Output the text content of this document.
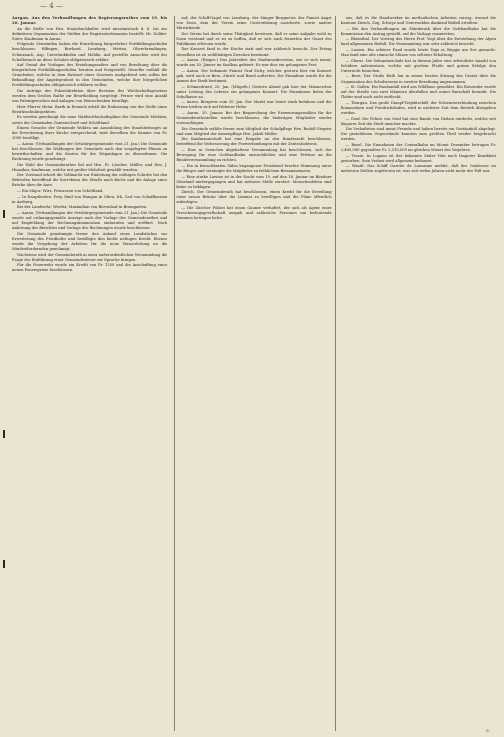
— 4 —

Aargau. Aus den Verhandlungen des Regierungsrathes vom 19. bis 20. Januar.

An die Stelle von Hrn. Staatsbuchhalter wird interimistisch d. h. bis zur definitiven Organisation der Stellen der Registraturbeamten bestellt: Hr. Dolder-Suter, Kaufmann in Aarau.

Folgende Gemeinden haben die Einrichtung bürgerlicher Fortbildungsschulen beschlossen: Effingen, Birrhard, Lenzburg, Mettau, Oberehrendingen, Schinznach, Asp, Unterlunkhofen und Möhlin. Auf gestellte Ansuchen wird der Schulbesuch an diese Schulen obligatorisch erklärt.

Auf Grund der Vorlagen des Erziehungsrathes und von Berathung über die bürgerlichen Fortbildungsschulen beraten und festgestellt. Dieselbe enthält die Grundsätze, welche in dem Entwurf eines Gesetzes maßgebend sein sollen bei Behandlung der Angelegenheit in den Gemeinden, welche ihre bürgerlichen Fortbildungsschulen obligatorisch erklären wollen.

Die Anträge der Polizeidirektion über Revision des Wirthschaftsgesetzes werden dem Großen Rathe zur Beurtheilung vorgelegt. Ferner wird eine Anzahl von Patentgesuchen und Anlagen von Weinschenken bewilligt.

Herr Pfarrer Heinr. Barth in Reinach erhält die Entlassung von der Stelle eines Bezirksschulinspektors.

Es werden genehmigt die neue Waldwirthschaftspläne der Gemeinde Möriken, sowie der Gemeinden Gontenschwil und Schöftland.

Einem Gesuche der Gemeinde Wohlen um Auszahlung des Staatsbeitrages an die Erweiterung ihrer Kirche entsprechend, wird derselben die Summe von Fr. 3000 bewilligt.

— Aarau. (Verhandlungen der Ortsbürgergemeinde vom 21. Jan.) Die Gemeinde hat beschlossen, die Waldungen der Gemeinde nach den vorgelegten Plänen zu bewirthschaften und die Kosten für die Weganlagen zu übernehmen. Die Rechnung wurde genehmigt.

Die Wahl des Gemeinderathes fiel auf Hrn. Fr. Lüscher, Müller, und Hrn. J. Hunziker, Kaufmann, welche mit großer Mehrheit gewählt wurden.

Der Vorstand erhielt die Vollmacht zur Einleitung der nöthigen Schritte bei den Behörden betreffend die Korrektion der Straße nach Buchs und die Anlage einer Brücke über die Aare.

— Ein Major: Wirz, Franzosen von Schöftland.

— In Hauptleuten: Frey, Emil von Wangen in Olten; Ith, Carl von Schaffhausen in Aarburg.

Bei der Landwehr: Werder, Maximilian von Birrenlauf in Bremgarten.

— Aarau. (Verhandlungen der Ortsbürgergemeinde vom 21. Jan.) Die Gemeinde wurde auf ordnungsgemäße Anzeige nach der Vorlage des Gemeinderathes und auf Empfehlung der Rechnungskommission einberufen und eröffnet. Nach Anhörung des Berichtes und Vorlage der Rechnungen wurde beschlossen.

Die Gemeinde genehmigte ferner den Ankauf eines Landstückes zur Erweiterung des Friedhofes und bewilligte den hiefür nöthigen Kredit. Ebenso wurde die Vergebung der Arbeiten für die neue Wasserleitung an die Mindestfordernden genehmigt.

Nächstens wird der Gemeinderath in einer außerordentlichen Versammlung die Frage der Einführung einer Gemeindesteuer zur Sprache bringen.

Für die Feuerwehr wurde ein Kredit von Fr. 1250 und die Anschaffung einer neuen Feuerspritze beschlossen.

auf; der Schiff-Gagel von Lenzburg, der Sänger Burgmeier, der Pianist Angst von Seon, dem der Verein seine Unterstützung zusicherte, sowie andere Mitwirkende.

Der Verein hat durch seine Thätigkeit bewiesen, daß er seine Aufgabe wohl zu lösen verstand und es ist zu hoffen, daß er sich auch fernerhin der Gunst des Publikums erfreuen werde.

Das Konzert fand in der Kirche statt und war zahlreich besucht. Der Ertrag desselben ist zu wohlthätigen Zwecken bestimmt.

— Aarau. (Einges.) Das Jahresfest des Stadtmusikvereins, wie er sich nennt, wurde am 20. Jänner im Saalbau gefeiert. Es war dies ein gelungenes Fest.

— Aarau. Der bekannte Pianist Graf Zichy, welcher gestern hier ein Konzert gab, wird auch in Bern, Zürich und Basel auftreten. Die Einnahme wurde für die Armen der Stadt bestimmt.

— Schmiedrued, 20. Jan. (Mitgeth.) Gestern Abend gab hier der Männerchor unter Leitung des Lehrers ein gelungenes Konzert. Die Einnahmen fielen der Schulkasse zu.

— Aarau. Bierpreis vom 20. Jan. Der Markt war heute stark befahren und die Preise hielten sich auf früherer Höhe.

— Aarau, 20. Januar. Bei der Besprechung der Erneuerungswahlen für die Gemeinderathsstellen wurde beschlossen, die bisherigen Mitglieder wieder vorzuschlagen.

Die Gemeinde wählte ferner zum Mitglied der Schulpflege Hrn. Rudolf Siegrist und zum Mitglied der Armenpflege Hrn. Jakob Müller.

Die Kaufmannschaft hat eine Eingabe an den Bundesrath beschlossen, betreffend die Verbesserung der Postverbindungen mit der Zentralschweiz.

— Eine in Grenchen abgehaltene Versammlung hat beschlossen, sich der Bewegung für eine Gotthardbahn anzuschließen und eine Petition an die Bundesversammlung zu richten.

— Ein in benachbarten Sälen begangener Festabend brachte Stimmung unter die Bürger und vereinigte die Mitglieder zu fröhlichem Beisammensein.

— Eine starke Lawine ist in der Nacht vom 15. auf den 16. Januar im Bündner Oberland niedergegangen und hat mehrere Ställe zerstört. Menschenleben sind keine zu beklagen.

Zürich. Der Gemeinderath hat beschlossen, einen Kredit für die Erstellung einer neuen Brücke über die Limmat zu bewilligen und die Pläne öffentlich aufzulegen.

— Die Zürcher Polizei hat einen Gauner verhaftet, der sich als Agent einer Versicherungsgesellschaft ausgab und zahlreiche Personen um bedeutende Summen betrogen hatte.

aus, daß es die Handwerker im methodischen Arbeiten vorzog, worauf die Kantone Zürich, Zug, Schwyz und Unterwalden dankend Beifall erteilten.

— Bei den Verhandlungen im Ständerath über die Gotthardbahn hat die Kommission den Antrag gestellt, auf die Vorlage einzutreten.

— Rheinthal. Der Vortrag des Herrn Prof. Vogt über die Entstehung der Alpen fand allgemeinen Beifall. Die Versammlung war sehr zahlreich besucht.

— Luzern. Ein schöner Fund wurde letzte Tage in Weggis am See gemacht. Man fand eine alte römische Münze von seltener Erhaltung.

— Glarus. Die Sekundarschule hat in diesem Jahre eine erfreuliche Anzahl von Schülern aufzuweisen, welche mit großem Fleiße und gutem Erfolge den Unterricht besuchen.

— Bern. Der Große Rath hat in seiner letzten Sitzung das Gesetz über die Organisation des Schulwesens in zweiter Berathung angenommen.

— St. Gallen. Ein Raubanfall wird aus Wildhaus gemeldet. Ein Reisender wurde auf der Straße von zwei Männern überfallen und seiner Barschaft beraubt. Die Thäter sind noch nicht entdeckt.

— Thurgau. Das große Dampf-Trajektschiff, der Schienenverbindung zwischen Romanshorn und Friedrichshafen, wird in nächster Zeit dem Betrieb übergeben werden.

— Genf. Die Polizei von Genf hat eine Bande von Dieben entdeckt, welche seit längerer Zeit die Stadt unsicher machte.

Die Verhafteten sind meist Fremde und haben bereits ein Geständniß abgelegt. Die gestohlenen Gegenstände konnten zum größten Theil wieder beigebracht werden.

— Basel. Die Einnahmen der Centralbahn im Monat Dezember betrugen Fr. 2,480,000 gegenüber Fr. 2,310,000 im gleichen Monat des Vorjahres.

— Tessin. In Lugano ist der bekannte Maler Vela nach längerer Krankheit gestorben. Sein Verlust wird allgemein bedauert.

— Waadt. Das Schiff Gazette de Lausanne meldet, daß der Genfersee an mehreren Stellen zugefroren ist, was seit vielen Jahren nicht mehr der Fall war.

8.
